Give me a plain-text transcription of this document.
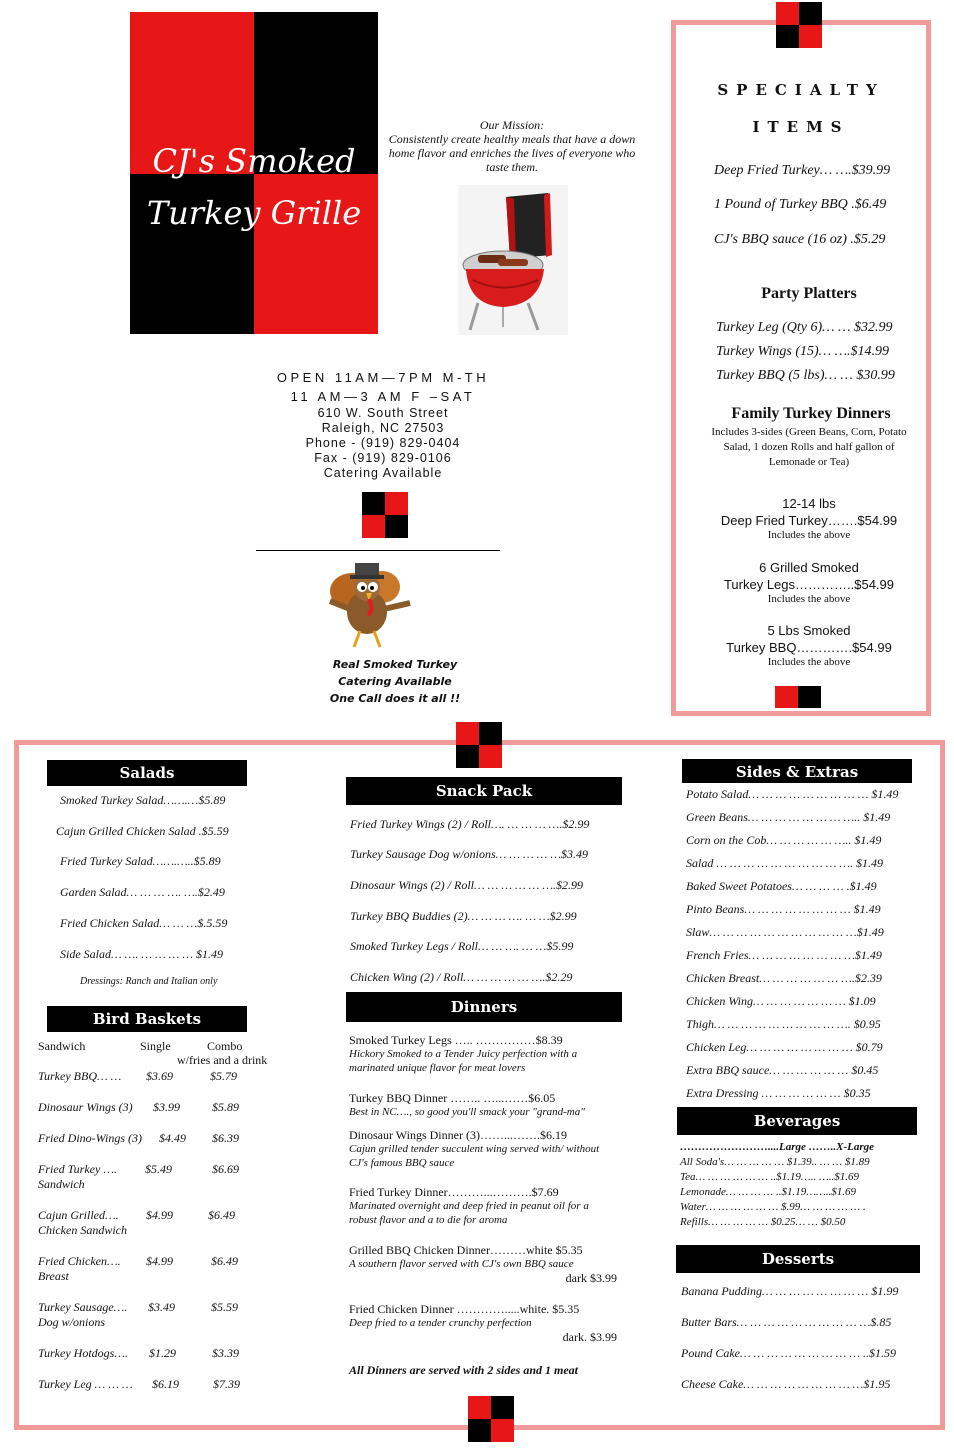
CJ's Smoked
Turkey Grille
Our Mission:
Consistently create healthy meals that have a down home flavor and enriches the lives of everyone who taste them.
OPEN 11AM—7PM M-TH
11 AM—3 AM F –SAT
610 W. South Street
Raleigh, NC 27503
Phone - (919) 829-0404
Fax - (919) 829-0106
Catering Available
Real Smoked Turkey
Catering Available
One Call does it all !!
SPECIALTY
ITEMS
Deep Fried Turkey… ….$39.99
1 Pound of Turkey BBQ .$6.49
CJ's BBQ sauce (16 oz) .$5.29
Party Platters
Turkey Leg (Qty 6)… … $32.99
Turkey Wings (15)… ….$14.99
Turkey BBQ (5 lbs)… … $30.99
Family Turkey Dinners
Includes 3-sides (Green Beans, Corn, Potato Salad, 1 dozen Rolls and half gallon of
Lemonade or Tea)
12-14 lbs
Deep Fried Turkey…….$54.99
Includes the above
6 Grilled Smoked
Turkey Legs…………..$54.99
Includes the above
5 Lbs Smoked
Turkey BBQ………….$54.99
Includes the above
Salads
Smoked Turkey Salad…….…$5.89
Cajun Grilled Chicken Salad .$5.59
Fried Turkey Salad…….…..$5.89
Garden Salad… … … …. ….$2.49
Fried Chicken Salad… … …$.5.59
Side Salad… …. … … … … $1.49
Dressings: Ranch and Italian only
Bird Baskets
Sandwich	Single	Combo
w/fries and a drink
Turkey BBQ… …	$3.69	$5.79
Dinosaur Wings (3)	$3.99	$5.89
Fried Dino-Wings (3)	$4.49 $6.39
Fried Turkey …. Sandwich
$5.49	$6.69
Cajun Grilled…. Chicken Sandwich
$4.99	$6.49
Fried Chicken…. Breast
$4.99	$6.49
Turkey Sausage…. Dog w/onions
$3.49	$5.59
Turkey Hotdogs….	$1.29	$3.39
Turkey Leg … … …	$6.19	$7.39
Snack Pack
Fried Turkey Wings (2) / Roll…. … … … ….$2.99
Turkey Sausage Dog w/onions… … … … …$3.49
Dinosaur Wings (2) / Roll… … … … … ….$2.99
Turkey BBQ Buddies (2)… … … …. … …$2.99
Smoked Turkey Legs / Roll… … …. … …$5.99
Chicken Wing (2) / Roll… … … … … ….$2.29
Dinners
Smoked Turkey Legs ….. ……………$8.39
Hickory Smoked to a Tender Juicy perfection with a marinated unique flavor for meat lovers
Turkey BBQ Dinner …….. …...……$6.05
Best in NC…., so good you'll smack your "grand-ma"
Dinosaur Wings Dinner (3)……...…….$6.19
Cajun grilled tender succulent wing served with/ without CJ's famous BBQ sauce
Fried Turkey Dinner………...……….$7.69
Marinated overnight and deep fried in peanut oil for a robust flavor and a to die for aroma
Grilled BBQ Chicken Dinner………white $5.35
A southern flavor served with CJ's own BBQ sauce
dark $3.99
Fried Chicken Dinner ………….....white. $5.35
Deep fried to a tender crunchy perfection
dark. $3.99
All Dinners are served with 2 sides and 1 meat
Sides & Extras
Potato Salad… … … … … … … … … $1.49
Green Beans… … … … … … … ….. $1.49
Corn on the Cob… … … … … ….. $1.49
Salad … … … … … … … … … …. $1.49
Baked Sweet Potatoes… … … … .$1.49
Pinto Beans… … … … … … … … $1.49
Slaw… … … … … … … … … … …$1.49
French Fries… … … … … … … …$1.49
Chicken Breast… … … … … … ….$2.39
Chicken Wing… … … … … … … $1.09
Thigh… … … … … … … … … …. $0.95
Chicken Leg… … … … … … … … $0.79
Extra BBQ sauce… … … … … … $0.45
Extra Dressing … … … … … … $0.35
Beverages
……………………....Large ……..X-Large
All Soda's… … … … … $1.39.. … … $1.89
Tea… … … … … … ..$1.19….. …..$1.69
Lemonade… … … … ..$1.19……..$1.69
Water… … … … … … $.99… … … … … .
Refills… … … … … $0.25… … $0.50
Desserts
Banana Pudding… … … … … … … … $1.99
Butter Bars… … … … … … … … … …$.85
Pound Cake… … … … … … … … … ..$1.59
Cheese Cake… … … … … … … … …$1.95
